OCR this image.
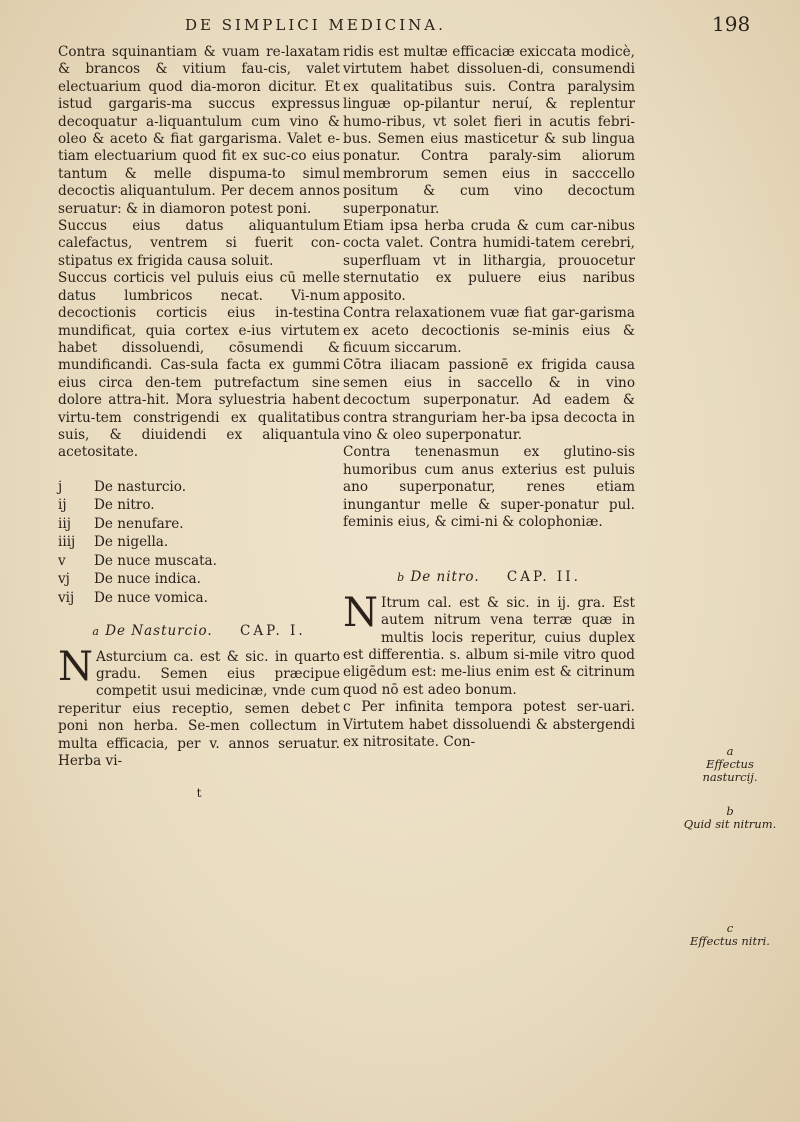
DE SIMPLICI MEDICINA.	198

Contra squinantiam & vuam re-laxatam & brancos & vitium fau-cis, valet electuarium quod dia-moron dicitur. Et istud gargaris-ma succus expressus decoquatur a-liquantulum cum vino & oleo & aceto & fiat gargarisma. Valet e-tiam electuarium quod fit ex suc-co eius tantum & melle dispuma-to simul decoctis aliquantulum. Per decem annos seruatur: & in diamoron potest poni.

Succus eius datus aliquantulum calefactus, ventrem si fuerit con-stipatus ex frigida causa soluit.

Succus corticis vel puluis eius cū melle datus lumbricos necat. Vi-num decoctionis corticis eius in-testina mundificat, quia cortex e-ius virtutem habet dissoluendi, cōsumendi & mundificandi. Cas-sula facta ex gummi eius circa den-tem putrefactum sine dolore attra-hit. Mora syluestria habent virtu-tem constrigendi ex qualitatibus suis, & diuidendi ex aliquantula acetositate.

j	De nasturcio.
ij	De nitro.
iij	De nenufare.
iiij	De nigella.
v	De nuce muscata.
vj	De nuce indica.
vij	De nuce vomica.
a De Nasturcio. CAP. I.

N Asturcium ca. est & sic. in quarto gradu. Semen eius præcipue competit usui medicinæ, vnde cum reperitur eius receptio, semen debet poni non herba. Se-men collectum in multa efficacia, per v. annos seruatur. Herba vi-

t

ridis est multæ efficaciæ exiccata modicè, virtutem habet dissoluen-di, consumendi ex qualitatibus suis. Contra paralysim linguæ op-pilantur neruí, & replentur humo-ribus, vt solet fieri in acutis febri-bus. Semen eius masticetur & sub lingua ponatur. Contra paraly-sim aliorum membrorum semen eius in sacccello positum & cum vino decoctum superponatur.

Etiam ipsa herba cruda & cum car-nibus cocta valet. Contra humidi-tatem cerebri, superfluam vt in lithargia, prouocetur sternutatio ex puluere eius naribus apposito.

Contra relaxationem vuæ fiat gar-garisma ex aceto decoctionis se-minis eius & ficuum siccarum.

Cōtra iliacam passionē ex frigida causa semen eius in saccello & in vino decoctum superponatur. Ad eadem & contra stranguriam her-ba ipsa decocta in vino & oleo superponatur.

Contra tenenasmun ex glutino-sis humoribus cum anus exterius est puluis ano superponatur, renes etiam inungantur melle & super-ponatur pul. feminis eius, & cimi-ni & colophoniæ.

b De nitro. CAP. II.

N Itrum cal. est & sic. in ij. gra. Est autem nitrum vena terræ quæ in multis locis reperitur, cuius duplex est differentia. s. album si-mile vitro quod eligēdum est: me-lius enim est & citrinum quod nō est adeo bonum.

c Per infinita tempora potest ser-uari. Virtutem habet dissoluendi & abstergendi ex nitrositate. Con-

a
Effectus nasturcij.
b
Quid sit nitrum.
c
Effectus nitri.
